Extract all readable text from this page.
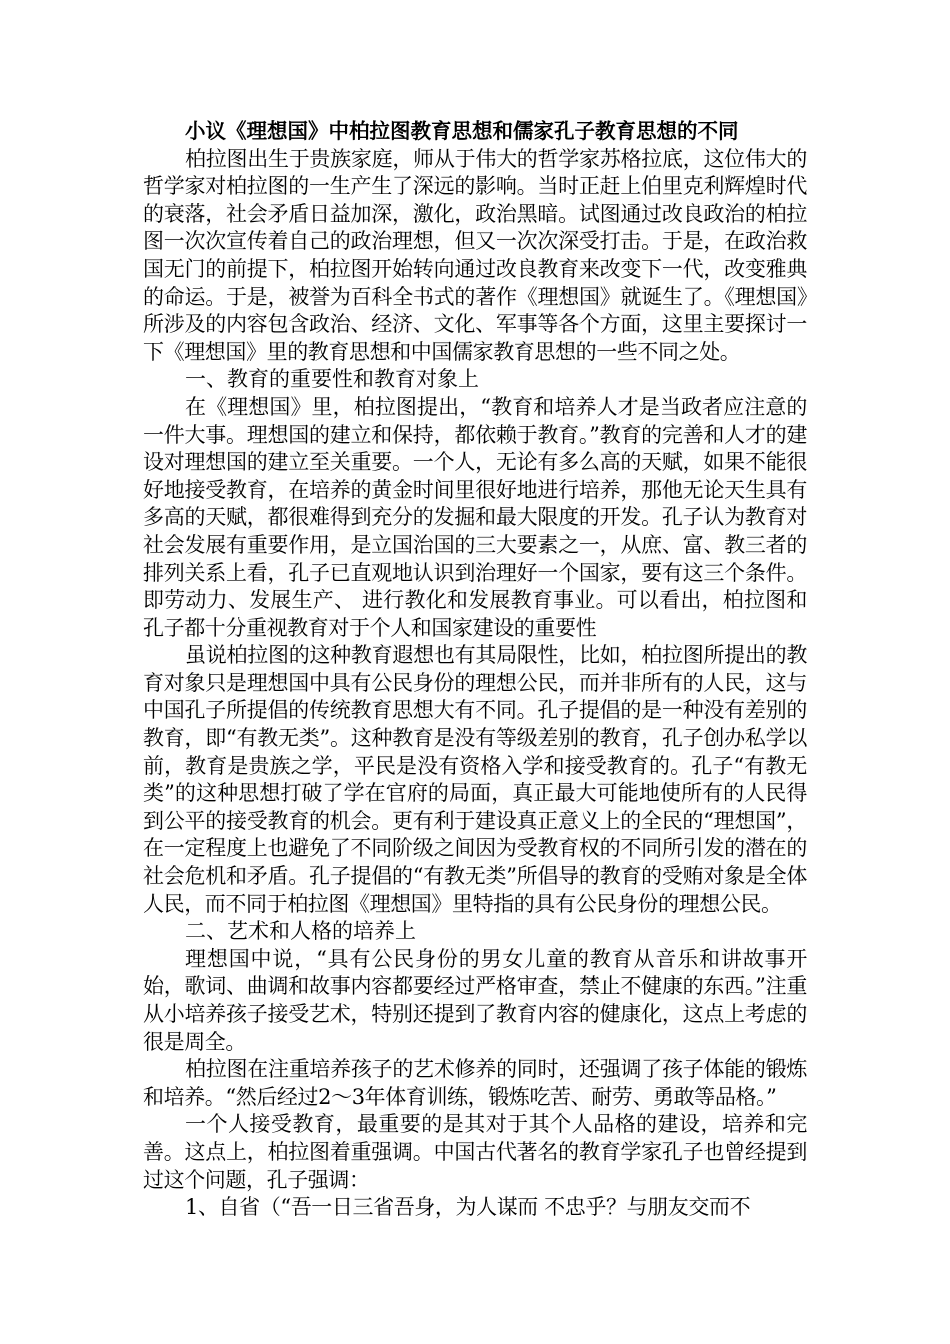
小议《理想国》中柏拉图教育思想和儒家孔子教育思想的不同

柏拉图出生于贵族家庭，师从于伟大的哲学家苏格拉底，这位伟大的哲学家对柏拉图的一生产生了深远的影响。当时正赶上伯里克利辉煌时代的衰落，社会矛盾日益加深，激化，政治黑暗。试图通过改良政治的柏拉图一次次宣传着自己的政治理想，但又一次次深受打击。于是，在政治救国无门的前提下，柏拉图开始转向通过改良教育来改变下一代，改变雅典的命运。于是，被誉为百科全书式的著作《理想国》就诞生了。《理想国》所涉及的内容包含政治、经济、文化、军事等各个方面，这里主要探讨一下《理想国》里的教育思想和中国儒家教育思想的一些不同之处。

一、教育的重要性和教育对象上

在《理想国》里，柏拉图提出，“教育和培养人才是当政者应注意的一件大事。理想国的建立和保持，都依赖于教育。”教育的完善和人才的建设对理想国的建立至关重要。一个人，无论有多么高的天赋，如果不能很好地接受教育，在培养的黄金时间里很好地进行培养，那他无论天生具有多高的天赋，都很难得到充分的发掘和最大限度的开发。孔子认为教育对社会发展有重要作用，是立国治国的三大要素之一，从庶、富、教三者的排列关系上看，孔子已直观地认识到治理好一个国家，要有这三个条件。即劳动力、发展生产、 进行教化和发展教育事业。可以看出，柏拉图和孔子都十分重视教育对于个人和国家建设的重要性

虽说柏拉图的这种教育遐想也有其局限性，比如，柏拉图所提出的教育对象只是理想国中具有公民身份的理想公民，而并非所有的人民，这与中国孔子所提倡的传统教育思想大有不同。孔子提倡的是一种没有差别的教育，即“有教无类”。这种教育是没有等级差别的教育，孔子创办私学以前，教育是贵族之学，平民是没有资格入学和接受教育的。孔子“有教无类”的这种思想打破了学在官府的局面，真正最大可能地使所有的人民得到公平的接受教育的机会。更有利于建设真正意义上的全民的“理想国”，在一定程度上也避免了不同阶级之间因为受教育权的不同所引发的潜在的社会危机和矛盾。孔子提倡的“有教无类”所倡导的教育的受贿对象是全体人民，而不同于柏拉图《理想国》里特指的具有公民身份的理想公民。

二、艺术和人格的培养上

理想国中说，“具有公民身份的男女儿童的教育从音乐和讲故事开始，歌词、曲调和故事内容都要经过严格审查，禁止不健康的东西。”注重从小培养孩子接受艺术，特别还提到了教育内容的健康化，这点上考虑的很是周全。

柏拉图在注重培养孩子的艺术修养的同时，还强调了孩子体能的锻炼和培养。“然后经过2～3年体育训练，锻炼吃苦、耐劳、勇敢等品格。”

一个人接受教育，最重要的是其对于其个人品格的建设，培养和完善。这点上，柏拉图着重强调。中国古代著名的教育学家孔子也曾经提到过这个问题，孔子强调：

1、自省（“吾一日三省吾身，为人谋而 不忠乎？与朋友交而不
